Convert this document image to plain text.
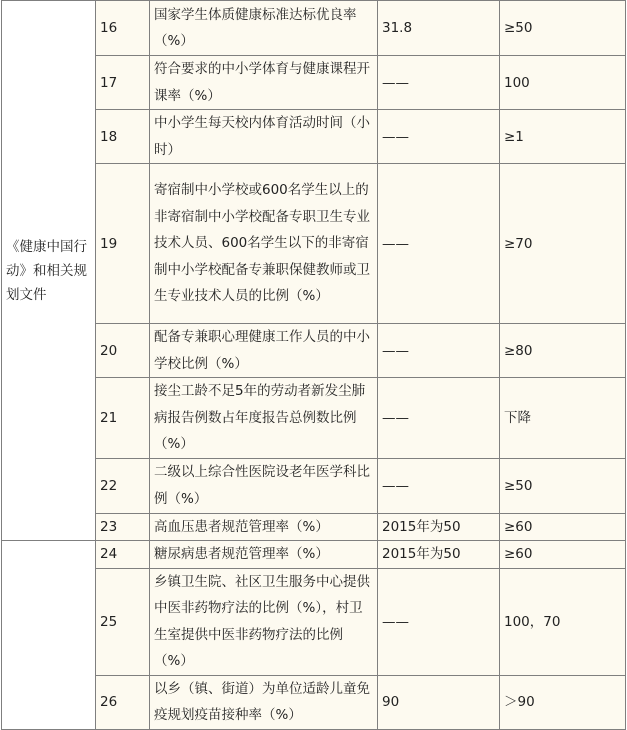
《健康中国行动》和相关规划文件	16	国家学生体质健康标准达标优良率（%）	31.8	≥50
	17	符合要求的中小学体育与健康课程开课率（%）	——	100
	18	中小学生每天校内体育活动时间（小时）	——	≥1
	19	寄宿制中小学校或600名学生以上的非寄宿制中小学校配备专职卫生专业技术人员、600名学生以下的非寄宿制中小学校配备专兼职保健教师或卫生专业技术人员的比例（%）	——	≥70
	20	配备专兼职心理健康工作人员的中小学校比例（%）	——	≥80
	21	接尘工龄不足5年的劳动者新发尘肺病报告例数占年度报告总例数比例（%）	——	下降
	22	二级以上综合性医院设老年医学科比例（%）	——	≥50
	23	高血压患者规范管理率（%）	2015年为50	≥60
	24	糖尿病患者规范管理率（%）	2015年为50	≥60
	25	乡镇卫生院、社区卫生服务中心提供中医非药物疗法的比例（%），村卫生室提供中医非药物疗法的比例（%）	——	100，70
	26	以乡（镇、街道）为单位适龄儿童免疫规划疫苗接种率（%）	90	＞90
